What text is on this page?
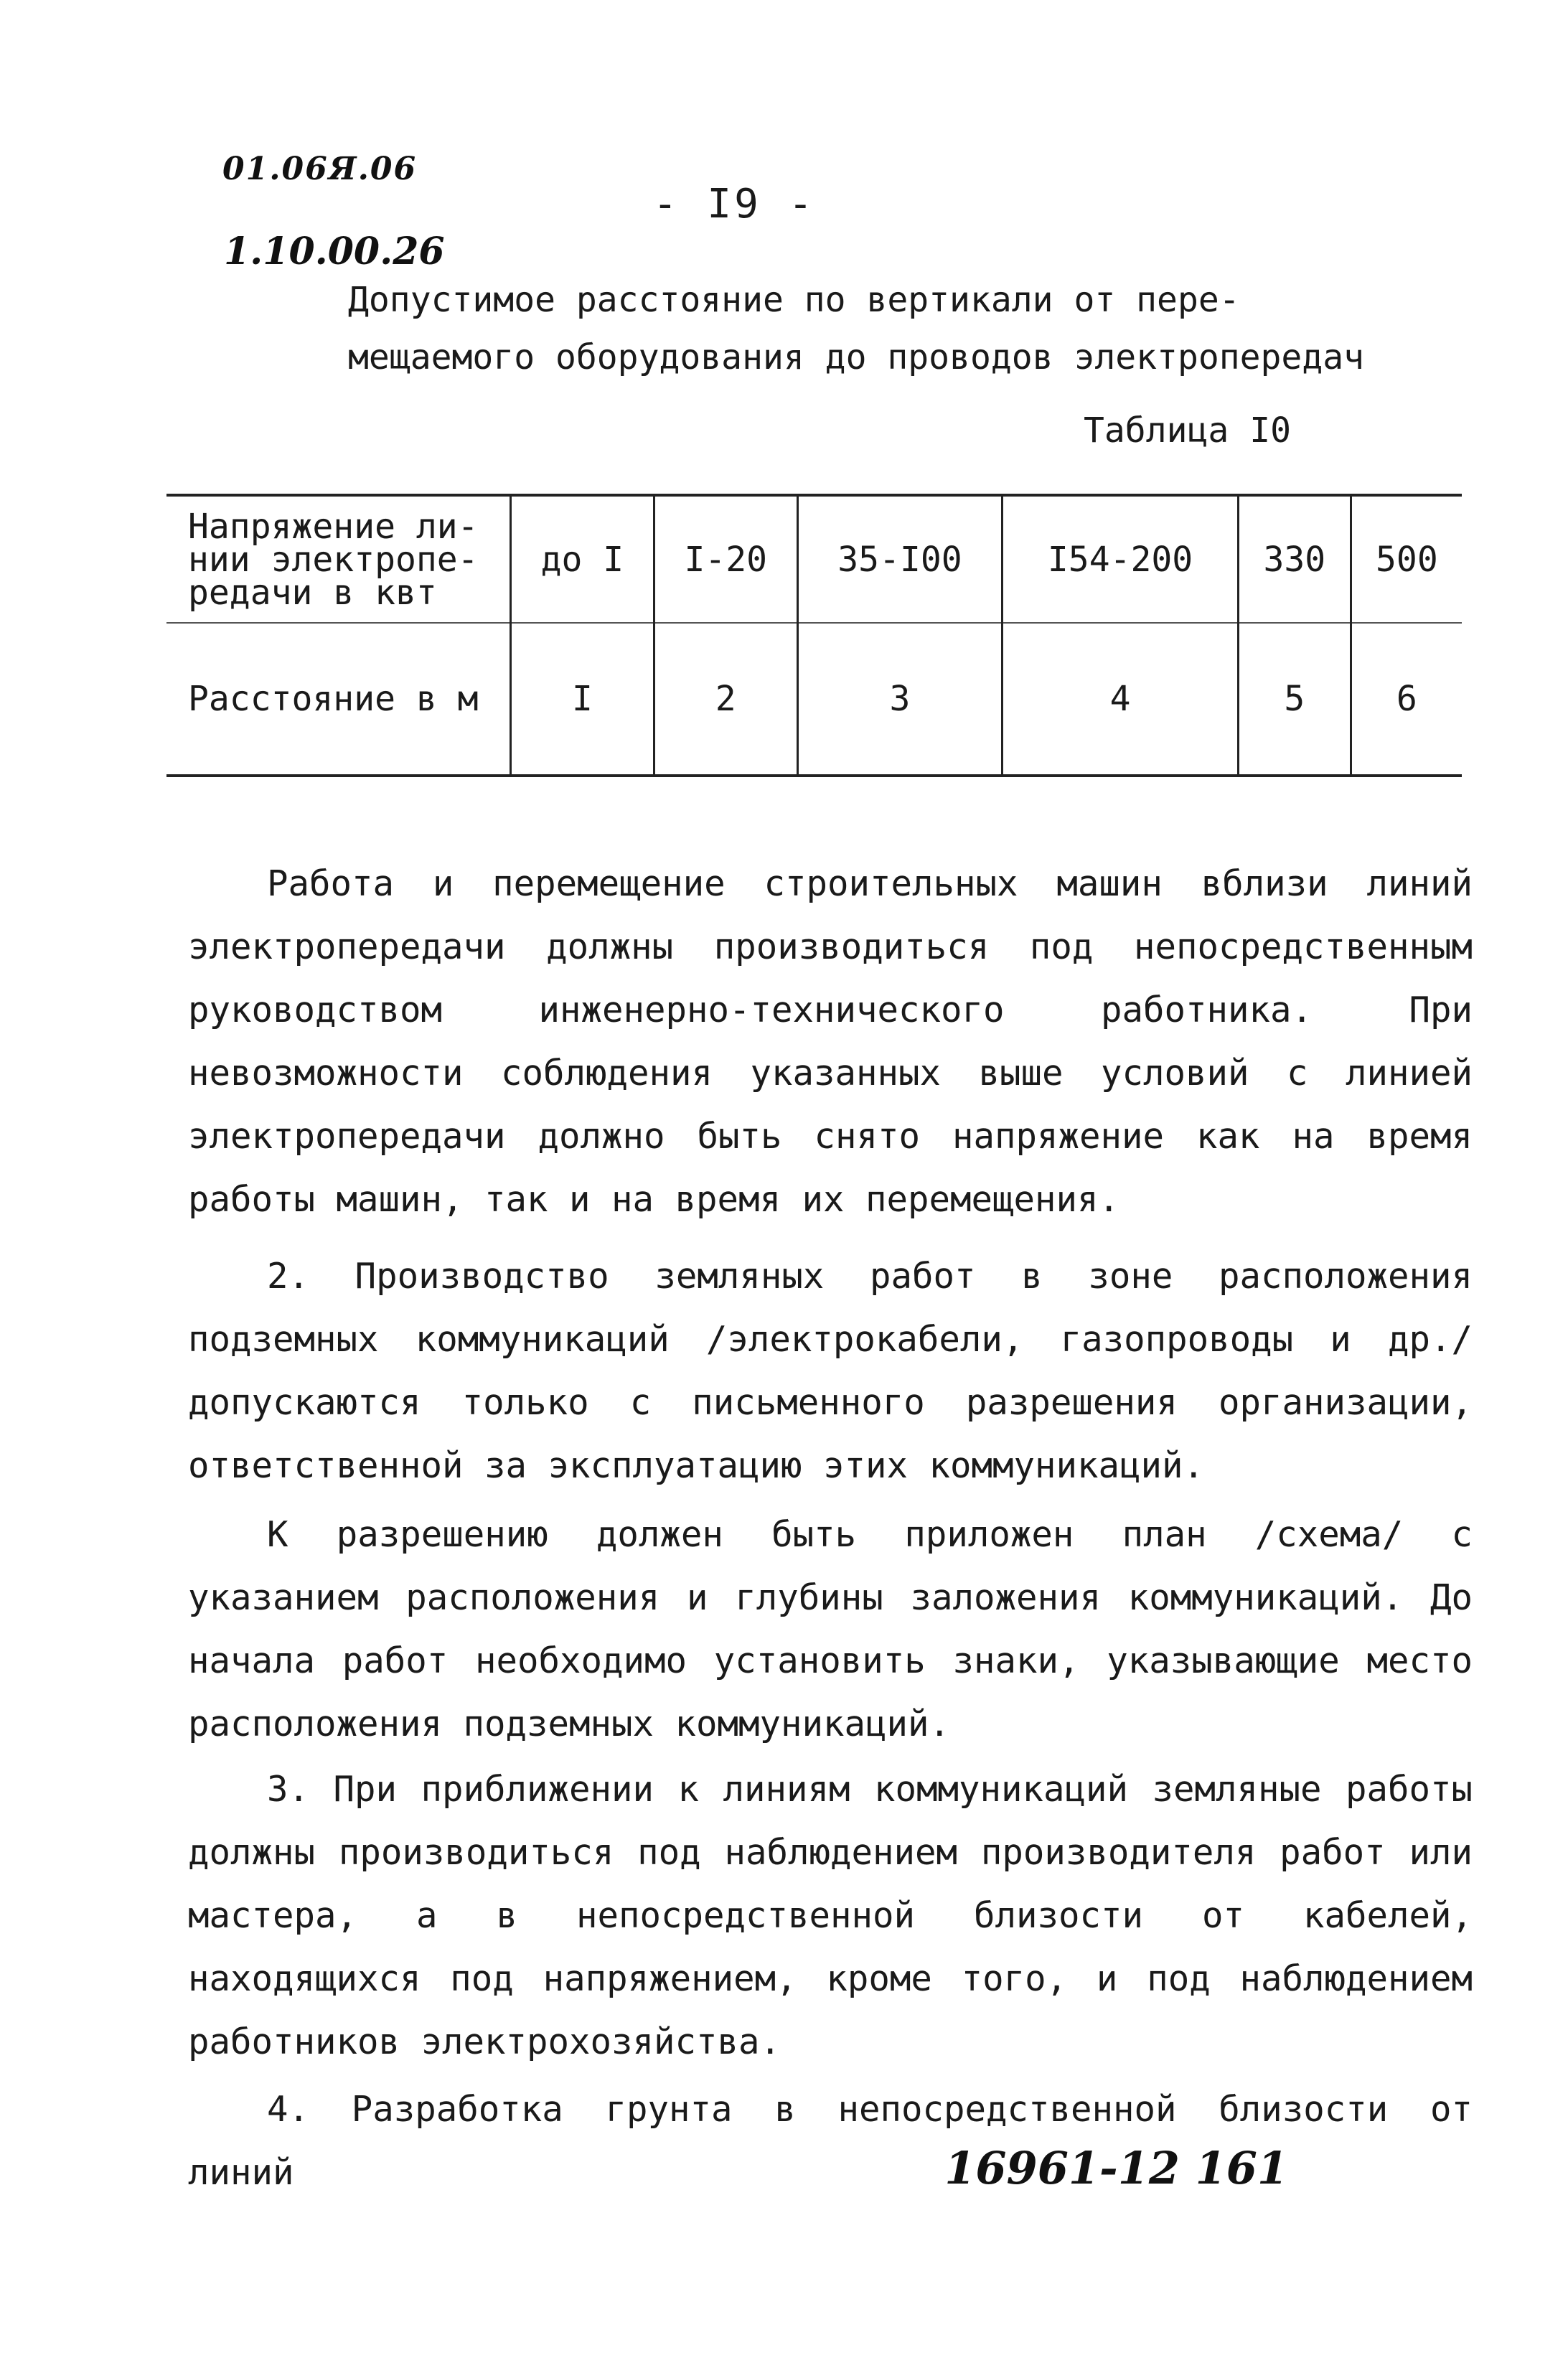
01.06Я.06
1.10.00.26
- I9 -
Допустимое расстояние по вертикали от пере-
мещаемого оборудования до проводов электропередач
Таблица I0
Напряжение ли-
нии электропе-
редачи в квт	до I	I-20	35-I00	I54-200	330	500
Расстояние в м	I	2	3	4	5	6

Работа и перемещение строительных машин вблизи линий электропередачи должны производиться под непосредственным руководством инженерно-технического работника. При невозможности соблюдения указанных выше условий с линией электропередачи должно быть снято напряжение как на время работы машин, так и на время их перемещения.

2. Производство земляных работ в зоне расположения подземных коммуникаций /электрокабели, газопроводы и др./ допускаются только с письменного разрешения организации, ответственной за эксплуатацию этих коммуникаций.

К разрешению должен быть приложен план /схема/ с указанием расположения и глубины заложения коммуникаций. До начала работ необходимо установить знаки, указывающие место расположения подземных коммуникаций.

3. При приближении к линиям коммуникаций земляные работы должны производиться под наблюдением производителя работ или мастера, а в непосредственной близости от кабелей, находящихся под напряжением, кроме того, и под наблюдением работников электрохозяйства.

4. Разработка грунта в непосредственной близости от линий	16961-12 161
